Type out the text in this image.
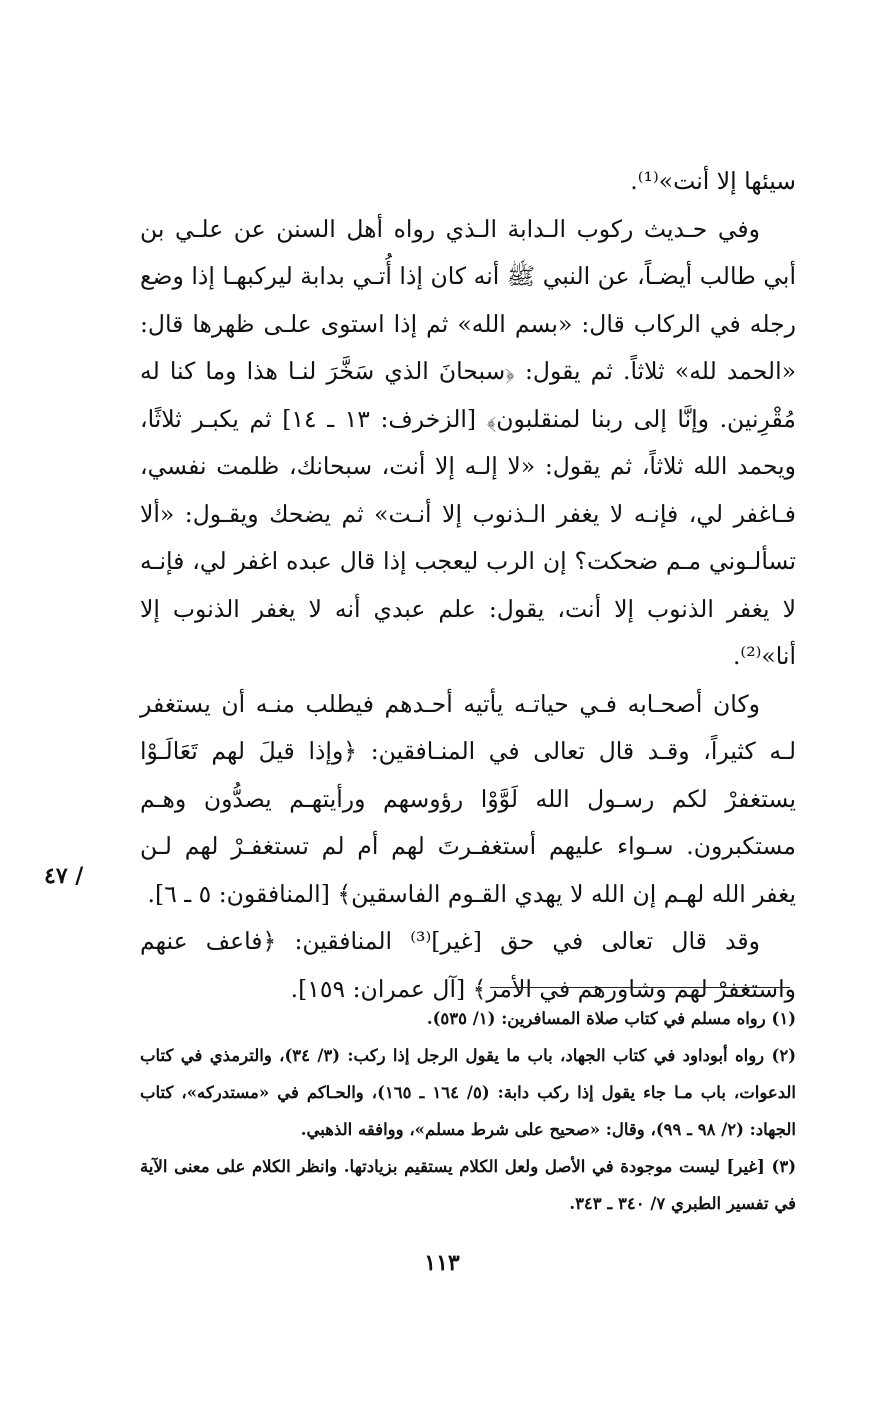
سيئها إلا أنت»⁽¹⁾.

وفي حـديث ركوب الـدابة الـذي رواه أهل السنن عن علـي بن أبي طالب أيضـاً، عن النبي ﷺ أنه كان إذا أُتـي بدابة ليركبهـا إذا وضع رجله في الركاب قال: «بسم الله» ثم إذا استوى علـى ظهرها قال: «الحمد لله» ثلاثاً. ثم يقول: ﴿سبحانَ الذي سَخَّرَ لنـا هذا وما كنا له مُقْرِنين. وإنَّا إلى ربنا لمنقلبون﴾ [الزخرف: ١٣ ـ ١٤] ثم يكبـر ثلاثًا، ويحمد الله ثلاثاً، ثم يقول: «لا إلـه إلا أنت، سبحانك، ظلمت نفسي، فـاغفر لي، فإنـه لا يغفر الـذنوب إلا أنـت» ثم يضحك ويقـول: «ألا تسألـوني مـم ضحكت؟ إن الرب ليعجب إذا قال عبده اغفر لي، فإنـه لا يغفر الذنوب إلا أنت، يقول: علم عبدي أنه لا يغفر الذنوب إلا أنا»⁽²⁾.

وكان أصحـابه فـي حياتـه يأتيه أحـدهم فيطلب منـه أن يستغفر لـه كثيراً، وقـد قال تعالى في المنـافقين: ﴿وإذا قيلَ لهم تَعَالَـوْا يستغفرْ لكم رسـول الله لَوَّوْا رؤوسهم ورأيتهـم يصدُّون وهـم مستكبرون. سـواء عليهم أستغفـرتَ لهم أم لم تستغفـرْ لهم لـن يغفر الله لهـم إن الله لا يهدي القـوم الفاسقين﴾ [المنافقون: ٥ ـ ٦].

وقد قال تعالى في حق [غير]⁽³⁾ المنافقين: ﴿فاعف عنهم واستغفرْ لهم وشاورهم في الأمر﴾ [آل عمران: ١٥٩].

/ ٤٧

(١) رواه مسلم في كتاب صلاة المسافرين: (١/ ٥٣٥).

(٢) رواه أبوداود في كتاب الجهاد، باب ما يقول الرجل إذا ركب: (٣/ ٣٤)، والترمذي في كتاب الدعوات، باب مـا جاء يقول إذا ركب دابة: (٥/ ١٦٤ ـ ١٦٥)، والحـاكم في «مستدركه»، كتاب الجهاد: (٢/ ٩٨ ـ ٩٩)، وقال: «صحيح على شرط مسلم»، ووافقه الذهبي.

(٣) [غير] ليست موجودة في الأصل ولعل الكلام يستقيم بزيادتها. وانظر الكلام على معنى الآية في تفسير الطبري ٧/ ٣٤٠ ـ ٣٤٣.

١١٣
